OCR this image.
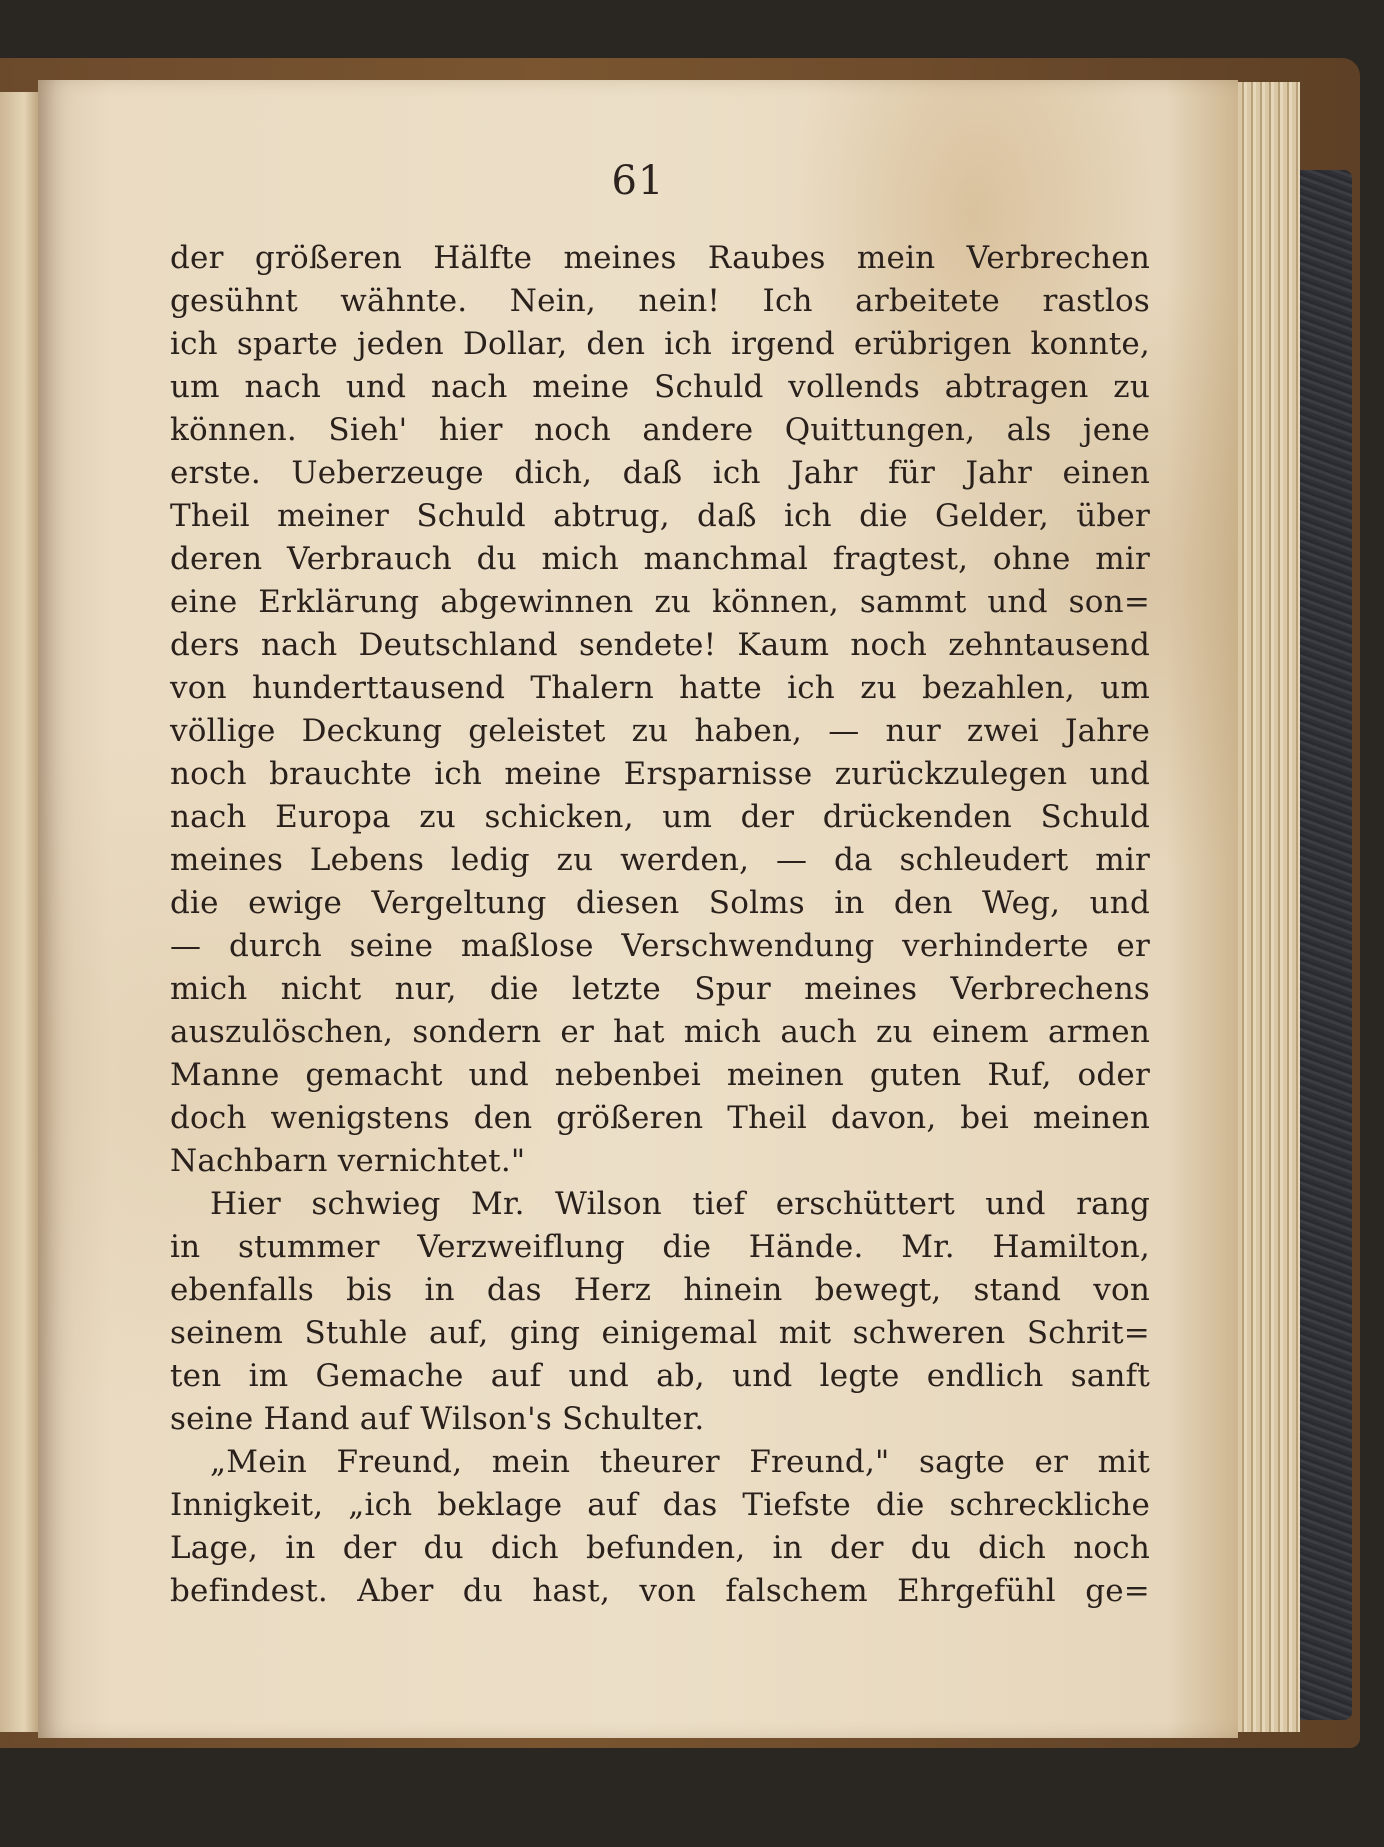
61
der größeren Hälfte meines Raubes mein Verbrechen
gesühnt wähnte. Nein, nein! Ich arbeitete rastlos
ich sparte jeden Dollar, den ich irgend erübrigen konnte,
um nach und nach meine Schuld vollends abtragen zu
können. Sieh' hier noch andere Quittungen, als jene
erste. Ueberzeuge dich, daß ich Jahr für Jahr einen
Theil meiner Schuld abtrug, daß ich die Gelder, über
deren Verbrauch du mich manchmal fragtest, ohne mir
eine Erklärung abgewinnen zu können, sammt und son=
ders nach Deutschland sendete! Kaum noch zehntausend
von hunderttausend Thalern hatte ich zu bezahlen, um
völlige Deckung geleistet zu haben, — nur zwei Jahre
noch brauchte ich meine Ersparnisse zurückzulegen und
nach Europa zu schicken, um der drückenden Schuld
meines Lebens ledig zu werden, — da schleudert mir
die ewige Vergeltung diesen Solms in den Weg, und
— durch seine maßlose Verschwendung verhinderte er
mich nicht nur, die letzte Spur meines Verbrechens
auszulöschen, sondern er hat mich auch zu einem armen
Manne gemacht und nebenbei meinen guten Ruf, oder
doch wenigstens den größeren Theil davon, bei meinen
Nachbarn vernichtet."
Hier schwieg Mr. Wilson tief erschüttert und rang
in stummer Verzweiflung die Hände. Mr. Hamilton,
ebenfalls bis in das Herz hinein bewegt, stand von
seinem Stuhle auf, ging einigemal mit schweren Schrit=
ten im Gemache auf und ab, und legte endlich sanft
seine Hand auf Wilson's Schulter.
„Mein Freund, mein theurer Freund," sagte er mit
Innigkeit, „ich beklage auf das Tiefste die schreckliche
Lage, in der du dich befunden, in der du dich noch
befindest. Aber du hast, von falschem Ehrgefühl ge=
